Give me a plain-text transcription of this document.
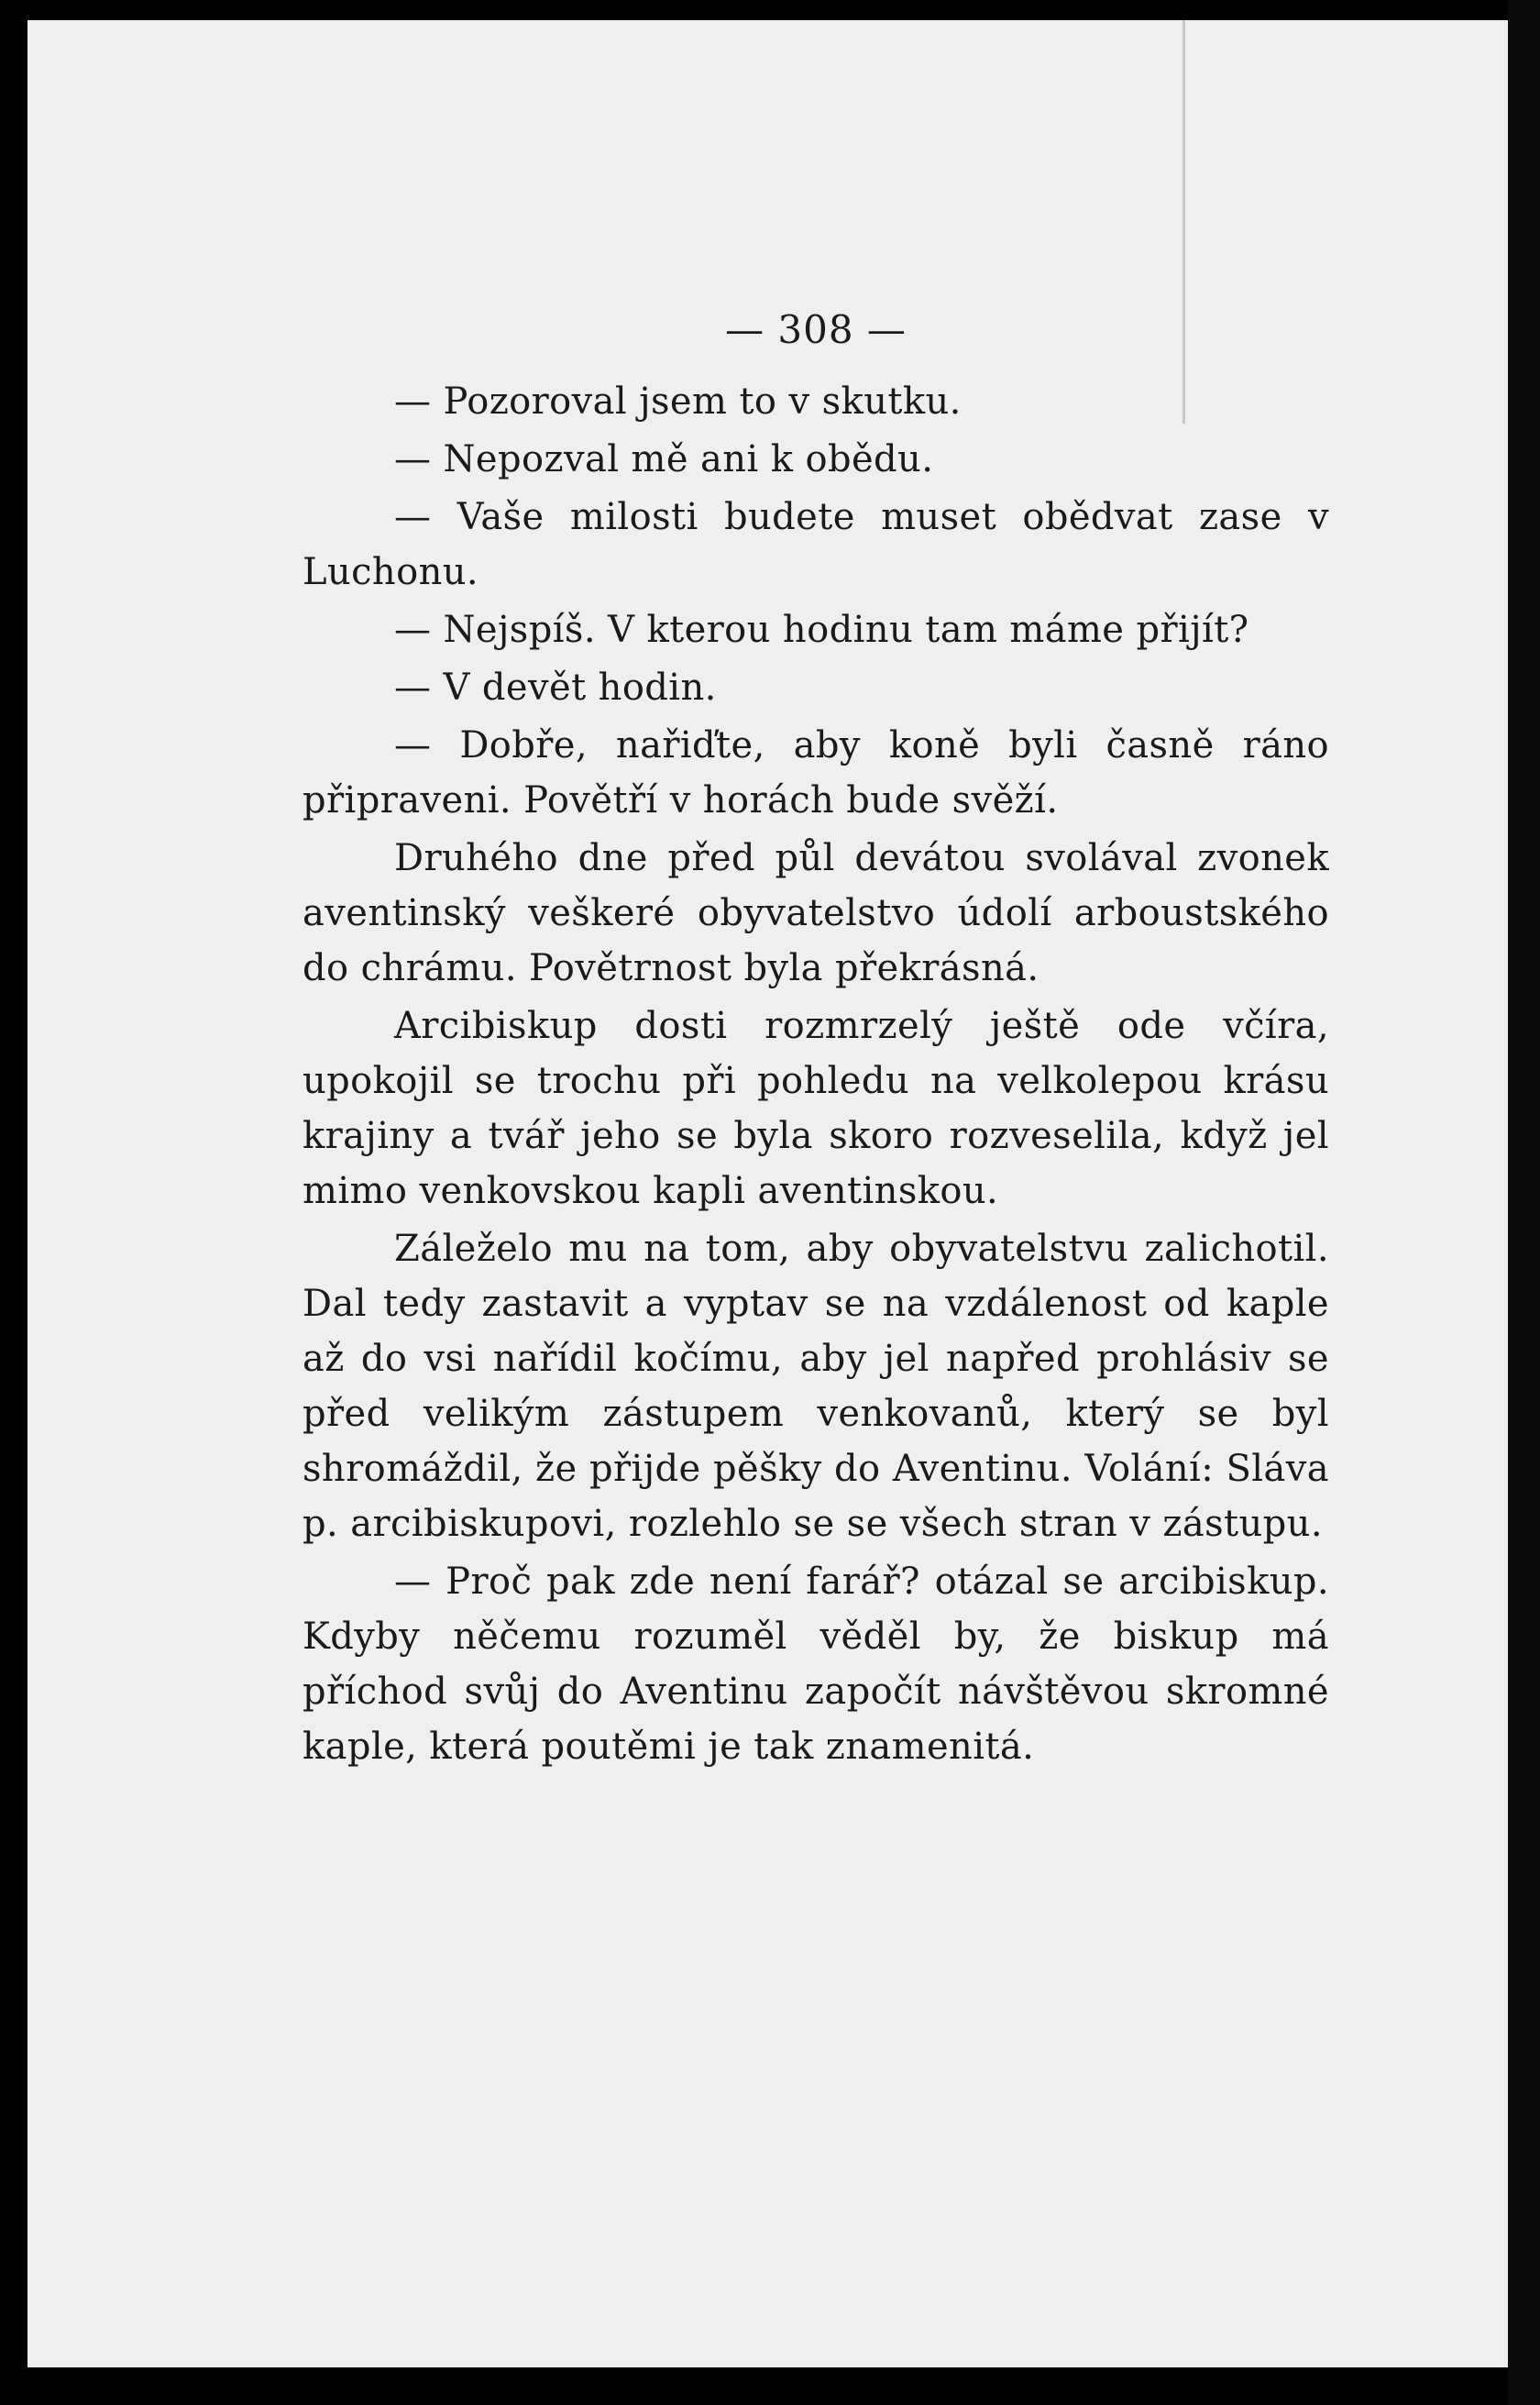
— 308 —

— Pozoroval jsem to v skutku.

— Nepozval mě ani k obědu.

— Vaše milosti budete muset obědvat zase v Luchonu.

— Nejspíš. V kterou hodinu tam máme přijít?

— V devět hodin.

— Dobře, nařiďte, aby koně byli časně ráno připraveni. Povětří v horách bude svěží.

Druhého dne před půl devátou svolával zvonek aventinský veškeré obyvatelstvo údolí arboustského do chrámu. Povětrnost byla překrásná.

Arcibiskup dosti rozmrzelý ještě ode včíra, upokojil se trochu při pohledu na velkolepou krásu krajiny a tvář jeho se byla skoro rozveselila, když jel mimo venkovskou kapli aventinskou.

Záleželo mu na tom, aby obyvatelstvu zalichotil. Dal tedy zastavit a vyptav se na vzdálenost od kaple až do vsi nařídil kočímu, aby jel napřed prohlásiv se před velikým zástupem venkovanů, který se byl shromáždil, že přijde pěšky do Aventinu. Volání: Sláva p. arcibiskupovi, rozlehlo se se všech stran v zástupu.

— Proč pak zde není farář? otázal se arcibiskup. Kdyby něčemu rozuměl věděl by, že biskup má příchod svůj do Aventinu započít návštěvou skromné kaple, která poutěmi je tak znamenitá.
